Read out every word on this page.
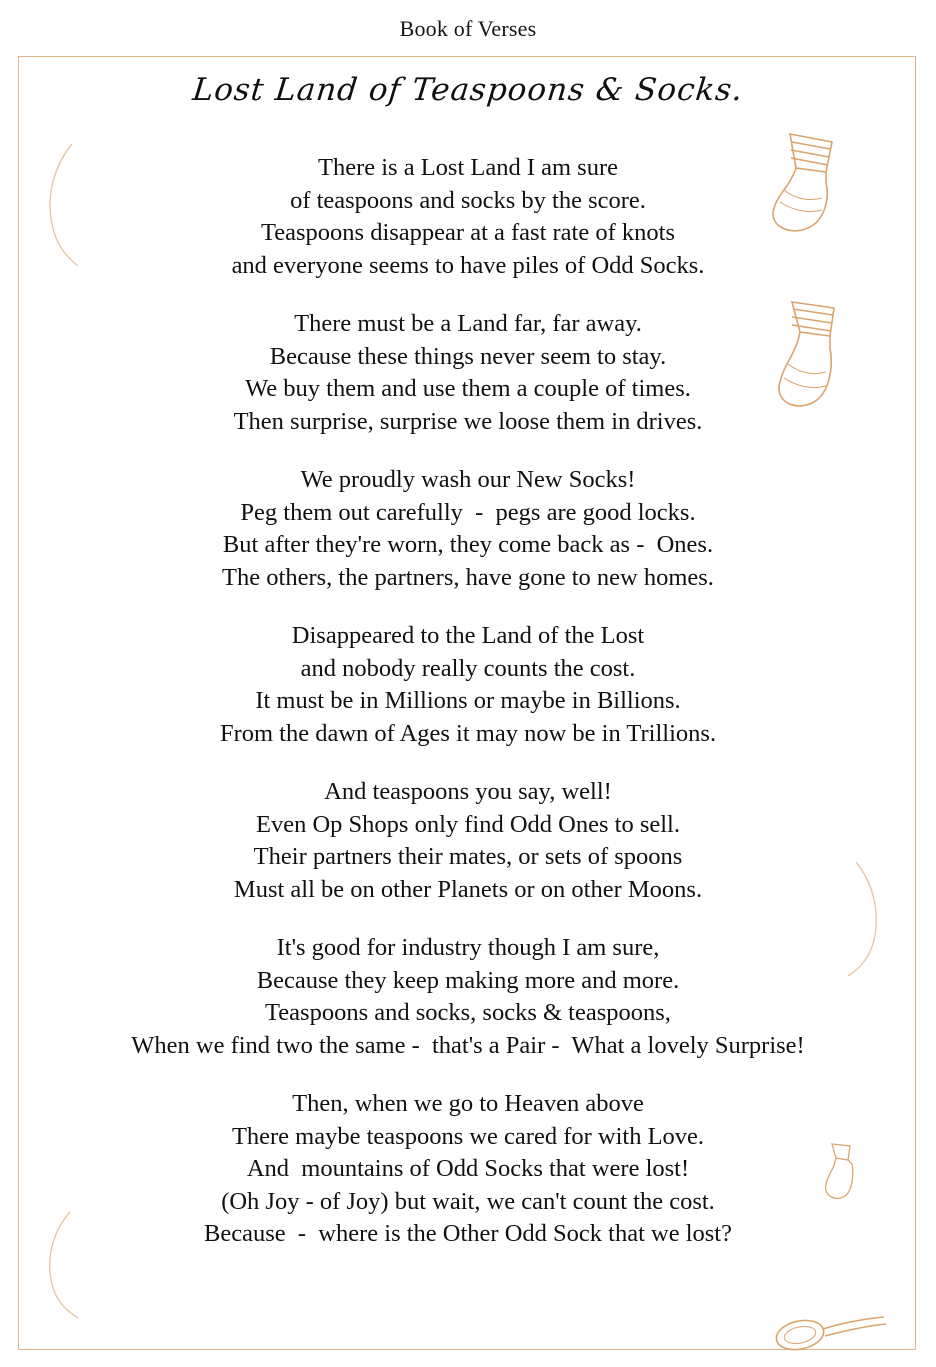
Book of Verses
Lost Land of Teaspoons & Socks.
There is a Lost Land I am sure
of teaspoons and socks by the score.
Teaspoons disappear at a fast rate of knots
and everyone seems to have piles of Odd Socks.
There must be a Land far, far away.
Because these things never seem to stay.
We buy them and use them a couple of times.
Then surprise, surprise we loose them in drives.
We proudly wash our New Socks!
Peg them out carefully  -  pegs are good locks.
But after they're worn, they come back as -  Ones.
The others, the partners, have gone to new homes.
Disappeared to the Land of the Lost
and nobody really counts the cost.
It must be in Millions or maybe in Billions.
From the dawn of Ages it may now be in Trillions.
And teaspoons you say, well!
Even Op Shops only find Odd Ones to sell.
Their partners their mates, or sets of spoons
Must all be on other Planets or on other Moons.
It's good for industry though I am sure,
Because they keep making more and more.
Teaspoons and socks, socks & teaspoons,
When we find two the same -  that's a Pair -  What a lovely Surprise!
Then, when we go to Heaven above
There maybe teaspoons we cared for with Love.
And  mountains of Odd Socks that were lost!
(Oh Joy - of Joy) but wait, we can't count the cost.
Because  -  where is the Other Odd Sock that we lost?
